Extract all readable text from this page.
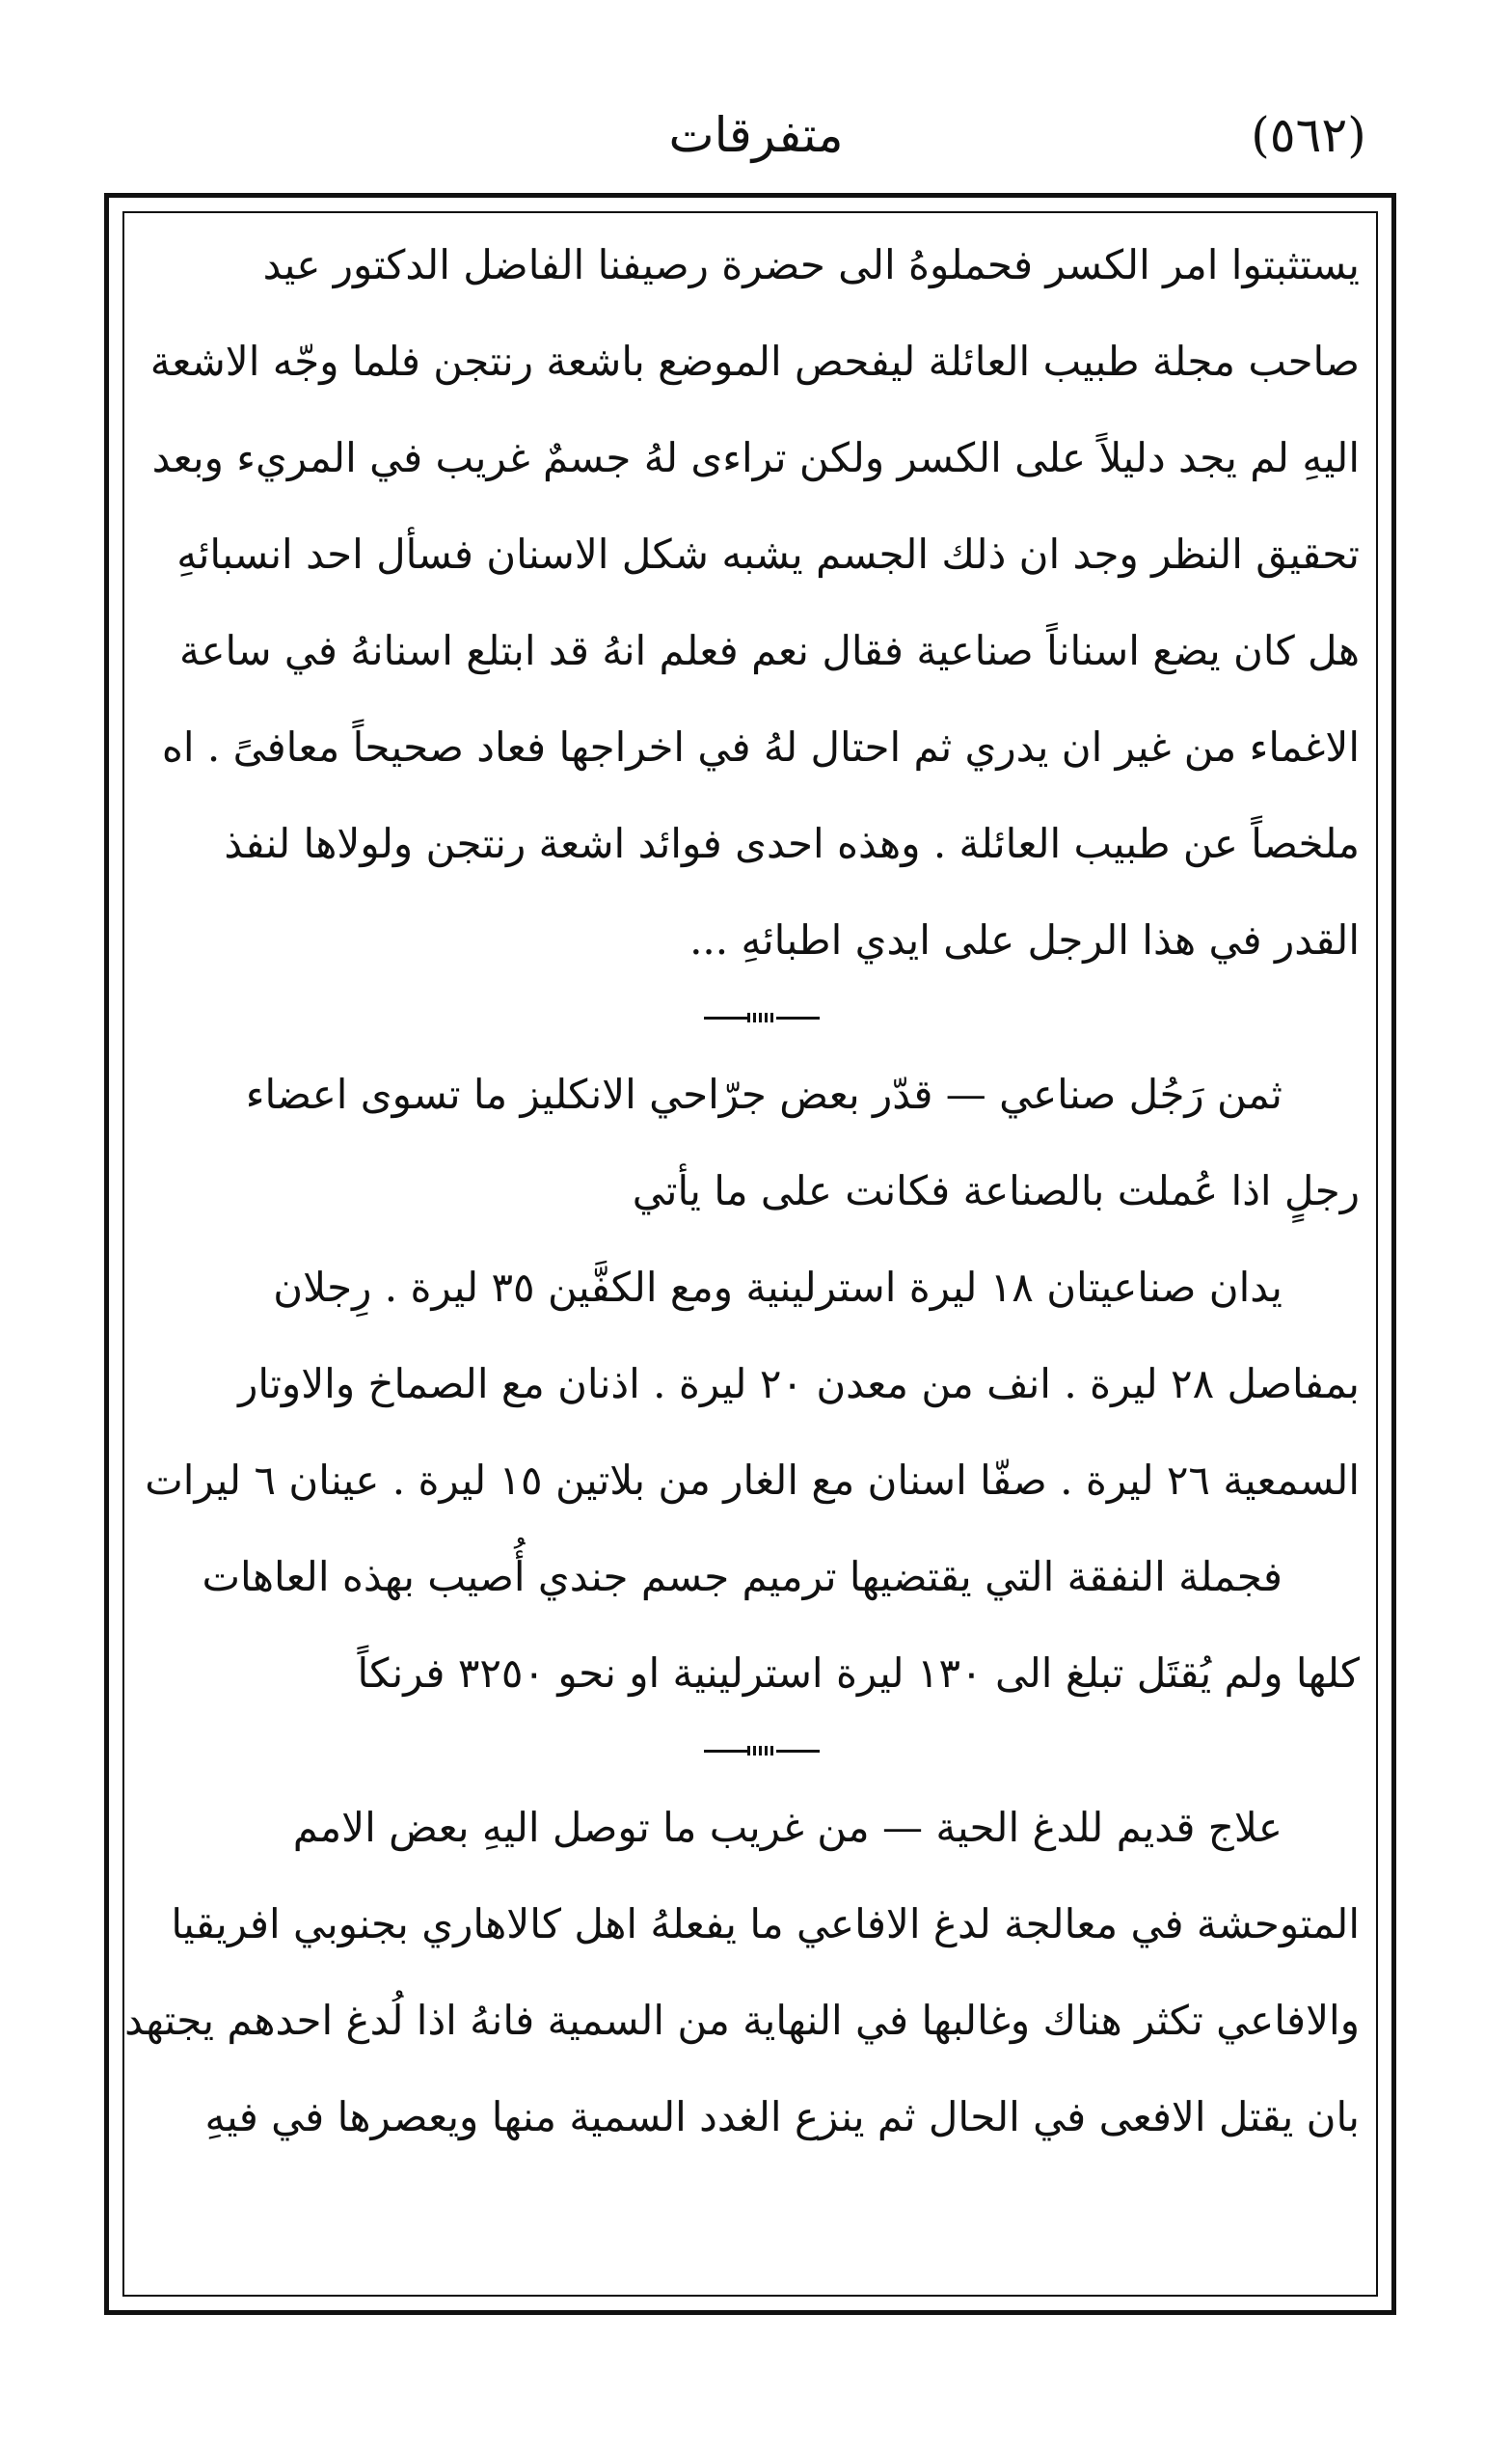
(٥٦٢)
متفرقات
يستثبتوا امر الكسر فحملوهُ الى حضرة رصيفنا الفاضل الدكتور عيد
صاحب مجلة طبيب العائلة ليفحص الموضع باشعة رنتجن فلما وجّه الاشعة
اليهِ لم يجد دليلاً على الكسر ولكن تراءى لهُ جسمٌ غريب في المريء وبعد
تحقيق النظر وجد ان ذلك الجسم يشبه شكل الاسنان فسأل احد انسبائهِ
هل كان يضع اسناناً صناعية فقال نعم فعلم انهُ قد ابتلع اسنانهُ في ساعة
الاغماء من غير ان يدري ثم احتال لهُ في اخراجها فعاد صحيحاً معافىً . اه
ملخصاً عن طبيب العائلة . وهذه احدى فوائد اشعة رنتجن ولولاها لنفذ
القدر في هذا الرجل على ايدي اطبائهِ ...
ثمن رَجُل صناعي — قدّر بعض جرّاحي الانكليز ما تسوى اعضاء
رجلٍ اذا عُملت بالصناعة فكانت على ما يأتي
يدان صناعيتان ١٨ ليرة استرلينية ومع الكفَّين ٣٥ ليرة . رِجلان
بمفاصل ٢٨ ليرة . انف من معدن ٢٠ ليرة . اذنان مع الصماخ والاوتار
السمعية ٢٦ ليرة . صفّا اسنان مع الغار من بلاتين ١٥ ليرة . عينان ٦ ليرات
فجملة النفقة التي يقتضيها ترميم جسم جندي أُصيب بهذه العاهات
كلها ولم يُقتَل تبلغ الى ١٣٠ ليرة استرلينية او نحو ٣٢٥٠ فرنكاً
علاج قديم للدغ الحية — من غريب ما توصل اليهِ بعض الامم
المتوحشة في معالجة لدغ الافاعي ما يفعلهُ اهل كالاهاري بجنوبي افريقيا
والافاعي تكثر هناك وغالبها في النهاية من السمية فانهُ اذا لُدغ احدهم يجتهد
بان يقتل الافعى في الحال ثم ينزع الغدد السمية منها ويعصرها في فيهِ
